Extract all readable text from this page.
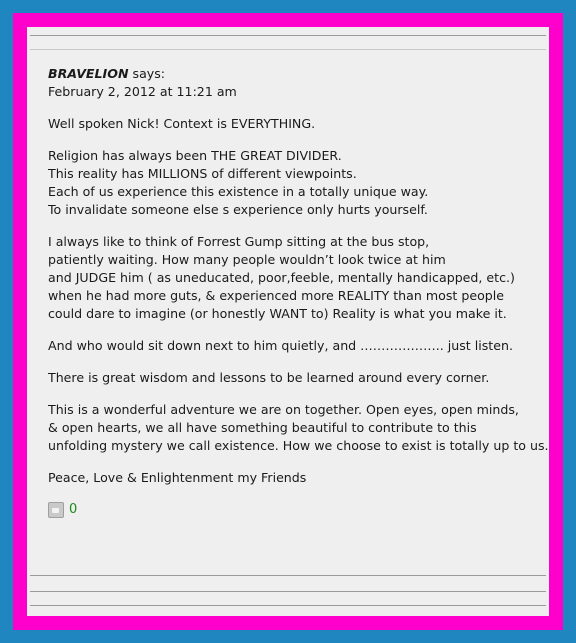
BRAVELION says:

February 2, 2012 at 11:21 am

Well spoken Nick! Context is EVERYTHING.

Religion has always been THE GREAT DIVIDER.
This reality has MILLIONS of different viewpoints.
Each of us experience this existence in a totally unique way.
To invalidate someone else s experience only hurts yourself.

I always like to think of Forrest Gump sitting at the bus stop,
patiently waiting. How many people wouldn’t look twice at him
and JUDGE him ( as uneducated, poor,feeble, mentally handicapped, etc.)
when he had more guts, & experienced more REALITY than most people
could dare to imagine (or honestly WANT to) Reality is what you make it.

And who would sit down next to him quietly, and ……………….. just listen.

There is great wisdom and lessons to be learned around every corner.

This is a wonderful adventure we are on together. Open eyes, open minds,
& open hearts, we all have something beautiful to contribute to this
unfolding mystery we call existence. How we choose to exist is totally up to us.

Peace, Love & Enlightenment my Friends

0
